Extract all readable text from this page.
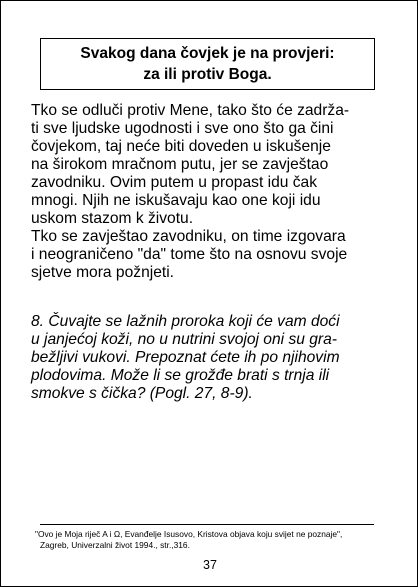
Svakog dana čovjek je na provjeri:
za ili protiv Boga.
Tko se odluči protiv Mene, tako što će zadrža-
ti sve ljudske ugodnosti i sve ono što ga čini
čovjekom, taj neće biti doveden u iskušenje
na širokom mračnom putu, jer se zavještao
zavodniku. Ovim putem u propast idu čak
mnogi. Njih ne iskušavaju kao one koji idu
uskom stazom k životu.
Tko se zavještao zavodniku, on time izgovara
i neograničeno "da" tome što na osnovu svoje
sjetve mora požnjeti.
8. Čuvajte se lažnih proroka koji će vam doći
u janjećoj koži, no u nutrini svojoj oni su gra-
bežljivi vukovi. Prepoznat ćete ih po njihovim
plodovima. Može li se grožđe brati s trnja ili
smokve s čička? (Pogl. 27, 8-9).
"Ovo je Moja riječ A i Ω, Evanđelje Isusovo, Kristova objava koju svijet ne poznaje",
Zagreb, Univerzalni život 1994., str.,316.
37
